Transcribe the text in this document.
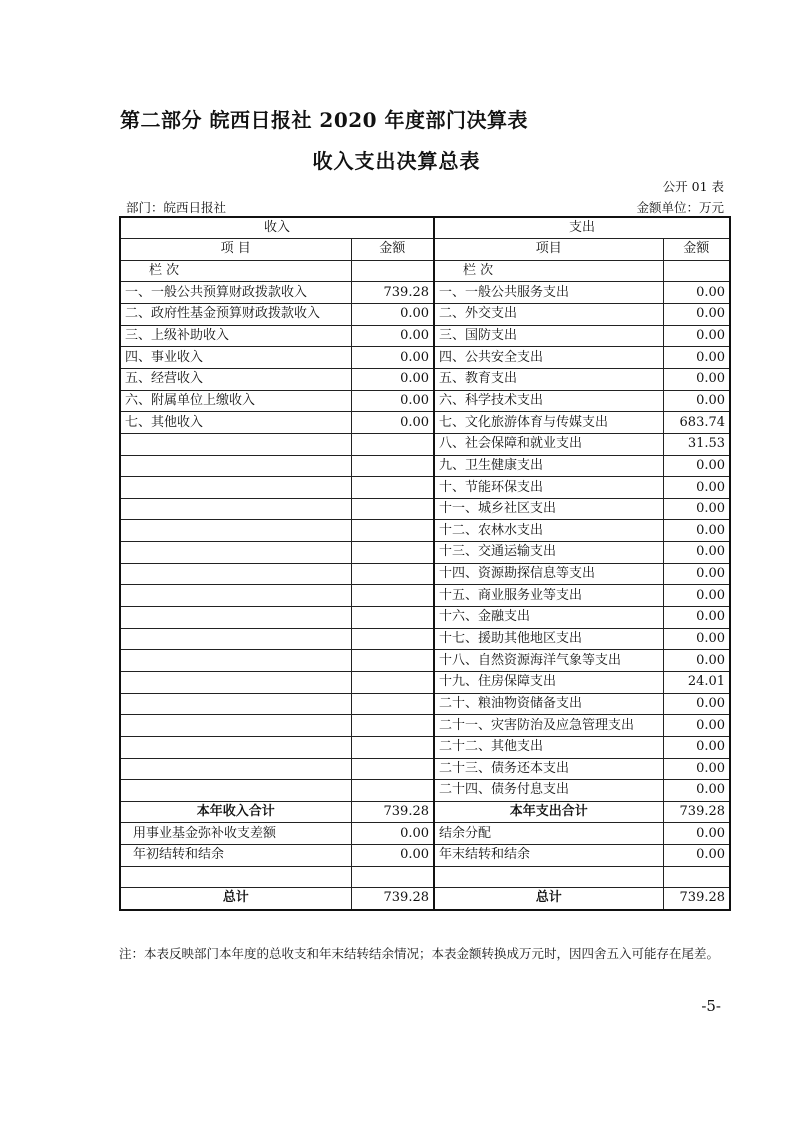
第二部分 皖西日报社 2020 年度部门决算表
收入支出决算总表
公开 01 表
部门：皖西日报社	金额单位：万元
收入		支出	
项 目	金额	项目	金额
栏 次		栏 次	
一、一般公共预算财政拨款收入	739.28	一、一般公共服务支出	0.00
二、政府性基金预算财政拨款收入	0.00	二、外交支出	0.00
三、上级补助收入	0.00	三、国防支出	0.00
四、事业收入	0.00	四、公共安全支出	0.00
五、经营收入	0.00	五、教育支出	0.00
六、附属单位上缴收入	0.00	六、科学技术支出	0.00
七、其他收入	0.00	七、文化旅游体育与传媒支出	683.74
		八、社会保障和就业支出	31.53
		九、卫生健康支出	0.00
		十、节能环保支出	0.00
		十一、城乡社区支出	0.00
		十二、农林水支出	0.00
		十三、交通运输支出	0.00
		十四、资源勘探信息等支出	0.00
		十五、商业服务业等支出	0.00
		十六、金融支出	0.00
		十七、援助其他地区支出	0.00
		十八、自然资源海洋气象等支出	0.00
		十九、住房保障支出	24.01
		二十、粮油物资储备支出	0.00
		二十一、灾害防治及应急管理支出	0.00
		二十二、其他支出	0.00
		二十三、债务还本支出	0.00
		二十四、债务付息支出	0.00
本年收入合计	739.28	本年支出合计	739.28
用事业基金弥补收支差额	0.00	结余分配	0.00
年初结转和结余	0.00	年末结转和结余	0.00

总计	739.28	总计	739.28
注：本表反映部门本年度的总收支和年末结转结余情况；本表金额转换成万元时，因四舍五入可能存在尾差。
-5-
